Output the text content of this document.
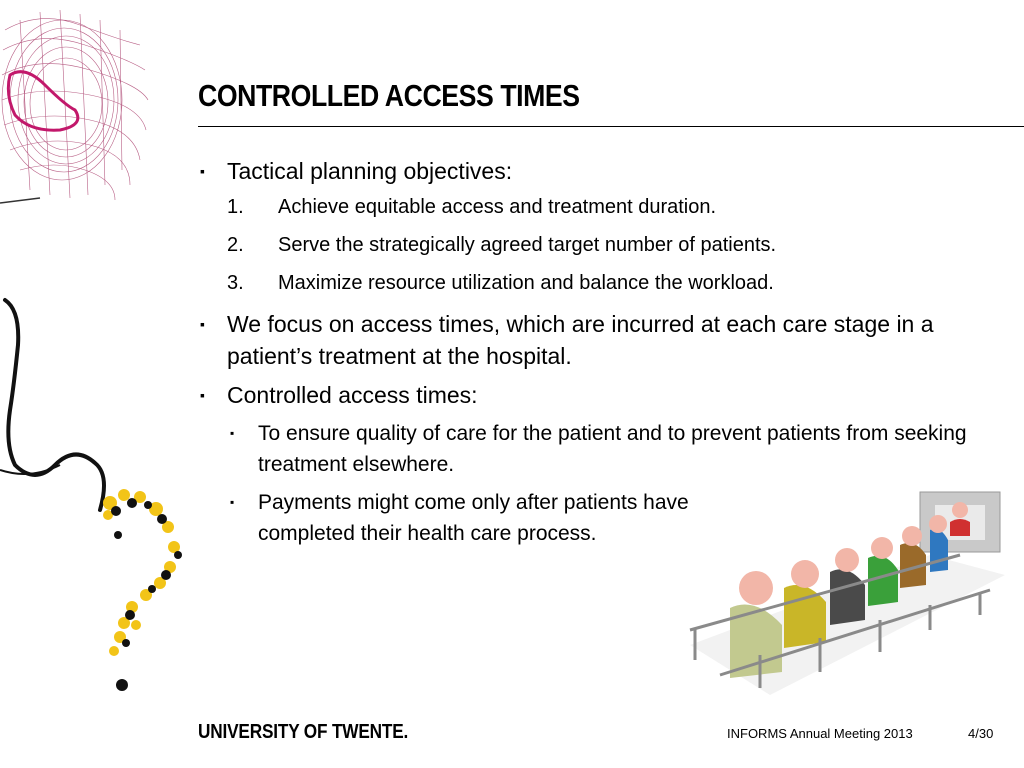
CONTROLLED ACCESS TIMES
▪ Tactical planning objectives:
1. Achieve equitable access and treatment duration.
2. Serve the strategically agreed target number of patients.
3. Maximize resource utilization and balance the workload.
▪ We focus on access times, which are incurred at each care stage in a patient’s treatment at the hospital.
▪ Controlled access times:
▪ To ensure quality of care for the patient and to prevent patients from seeking treatment elsewhere.
▪ Payments might come only after patients have completed their health care process.
UNIVERSITY OF TWENTE.	INFORMS Annual Meeting 2013	4/30
